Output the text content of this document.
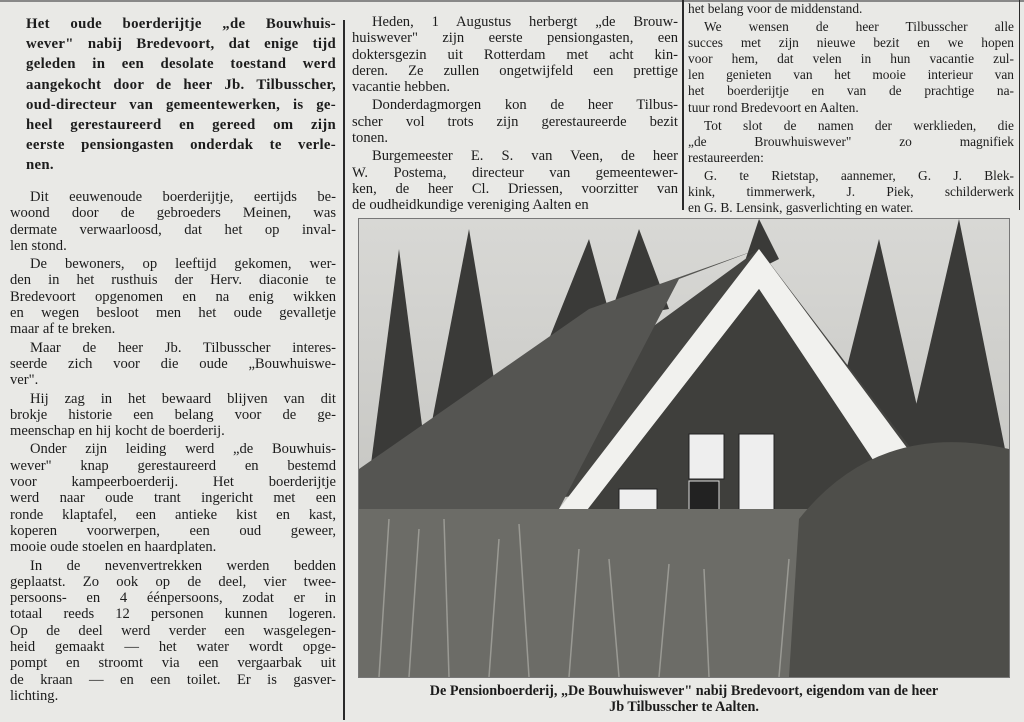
Het oude boerderijtje „de Bouwhuis-
wever" nabij Bredevoort, dat enige tijd
geleden in een desolate toestand werd
aangekocht door de heer Jb. Tilbusscher,
oud-directeur van gemeentewerken, is ge-
heel gerestaureerd en gereed om zijn
eerste pensiongasten onderdak te verle-
nen.
Dit eeuwenoude boerderijtje, eertijds be-
woond door de gebroeders Meinen, was
dermate verwaarloosd, dat het op inval-
len stond.
De bewoners, op leeftijd gekomen, wer-
den in het rusthuis der Herv. diaconie te
Bredevoort opgenomen en na enig wikken
en wegen besloot men het oude gevalletje
maar af te breken.
Maar de heer Jb. Tilbusscher interes-
seerde zich voor die oude „Bouwhuiswe-
ver".
Hij zag in het bewaard blijven van dit
brokje historie een belang voor de ge-
meenschap en hij kocht de boerderij.
Onder zijn leiding werd „de Bouwhuis-
wever" knap gerestaureerd en bestemd
voor kampeerboerderij. Het boerderijtje
werd naar oude trant ingericht met een
ronde klaptafel, een antieke kist en kast,
koperen voorwerpen, een oud geweer,
mooie oude stoelen en haardplaten.
In de nevenvertrekken werden bedden
geplaatst. Zo ook op de deel, vier twee-
persoons- en 4 éénpersoons, zodat er in
totaal reeds 12 personen kunnen logeren.
Op de deel werd verder een wasgelegen-
heid gemaakt — het water wordt opge-
pompt en stroomt via een vergaarbak uit
de kraan — en een toilet. Er is gasver-
lichting.
Heden, 1 Augustus herbergt „de Brouw-
huiswever" zijn eerste pensiongasten, een
doktersgezin uit Rotterdam met acht kin-
deren. Ze zullen ongetwijfeld een prettige
vacantie hebben.
Donderdagmorgen kon de heer Tilbus-
scher vol trots zijn gerestaureerde bezit
tonen.
Burgemeester E. S. van Veen, de heer
W. Postema, directeur van gemeentewer-
ken, de heer Cl. Driessen, voorzitter van
de oudheidkundige vereniging Aalten en
het belang voor de middenstand.
We wensen de heer Tilbusscher alle
succes met zijn nieuwe bezit en we hopen
voor hem, dat velen in hun vacantie zul-
len genieten van het mooie interieur van
het boerderijtje en van de prachtige na-
tuur rond Bredevoort en Aalten.
Tot slot de namen der werklieden, die
„de Brouwhuiswever" zo magnifiek
restaureerden:
G. te Rietstap, aannemer, G. J. Blek-
kink, timmerwerk, J. Piek, schilderwerk
en G. B. Lensink, gasverlichting en water.
De Pensionboerderij, „De Bouwhuiswever" nabij Bredevoort, eigendom van de heer
Jb Tilbusscher te Aalten.
